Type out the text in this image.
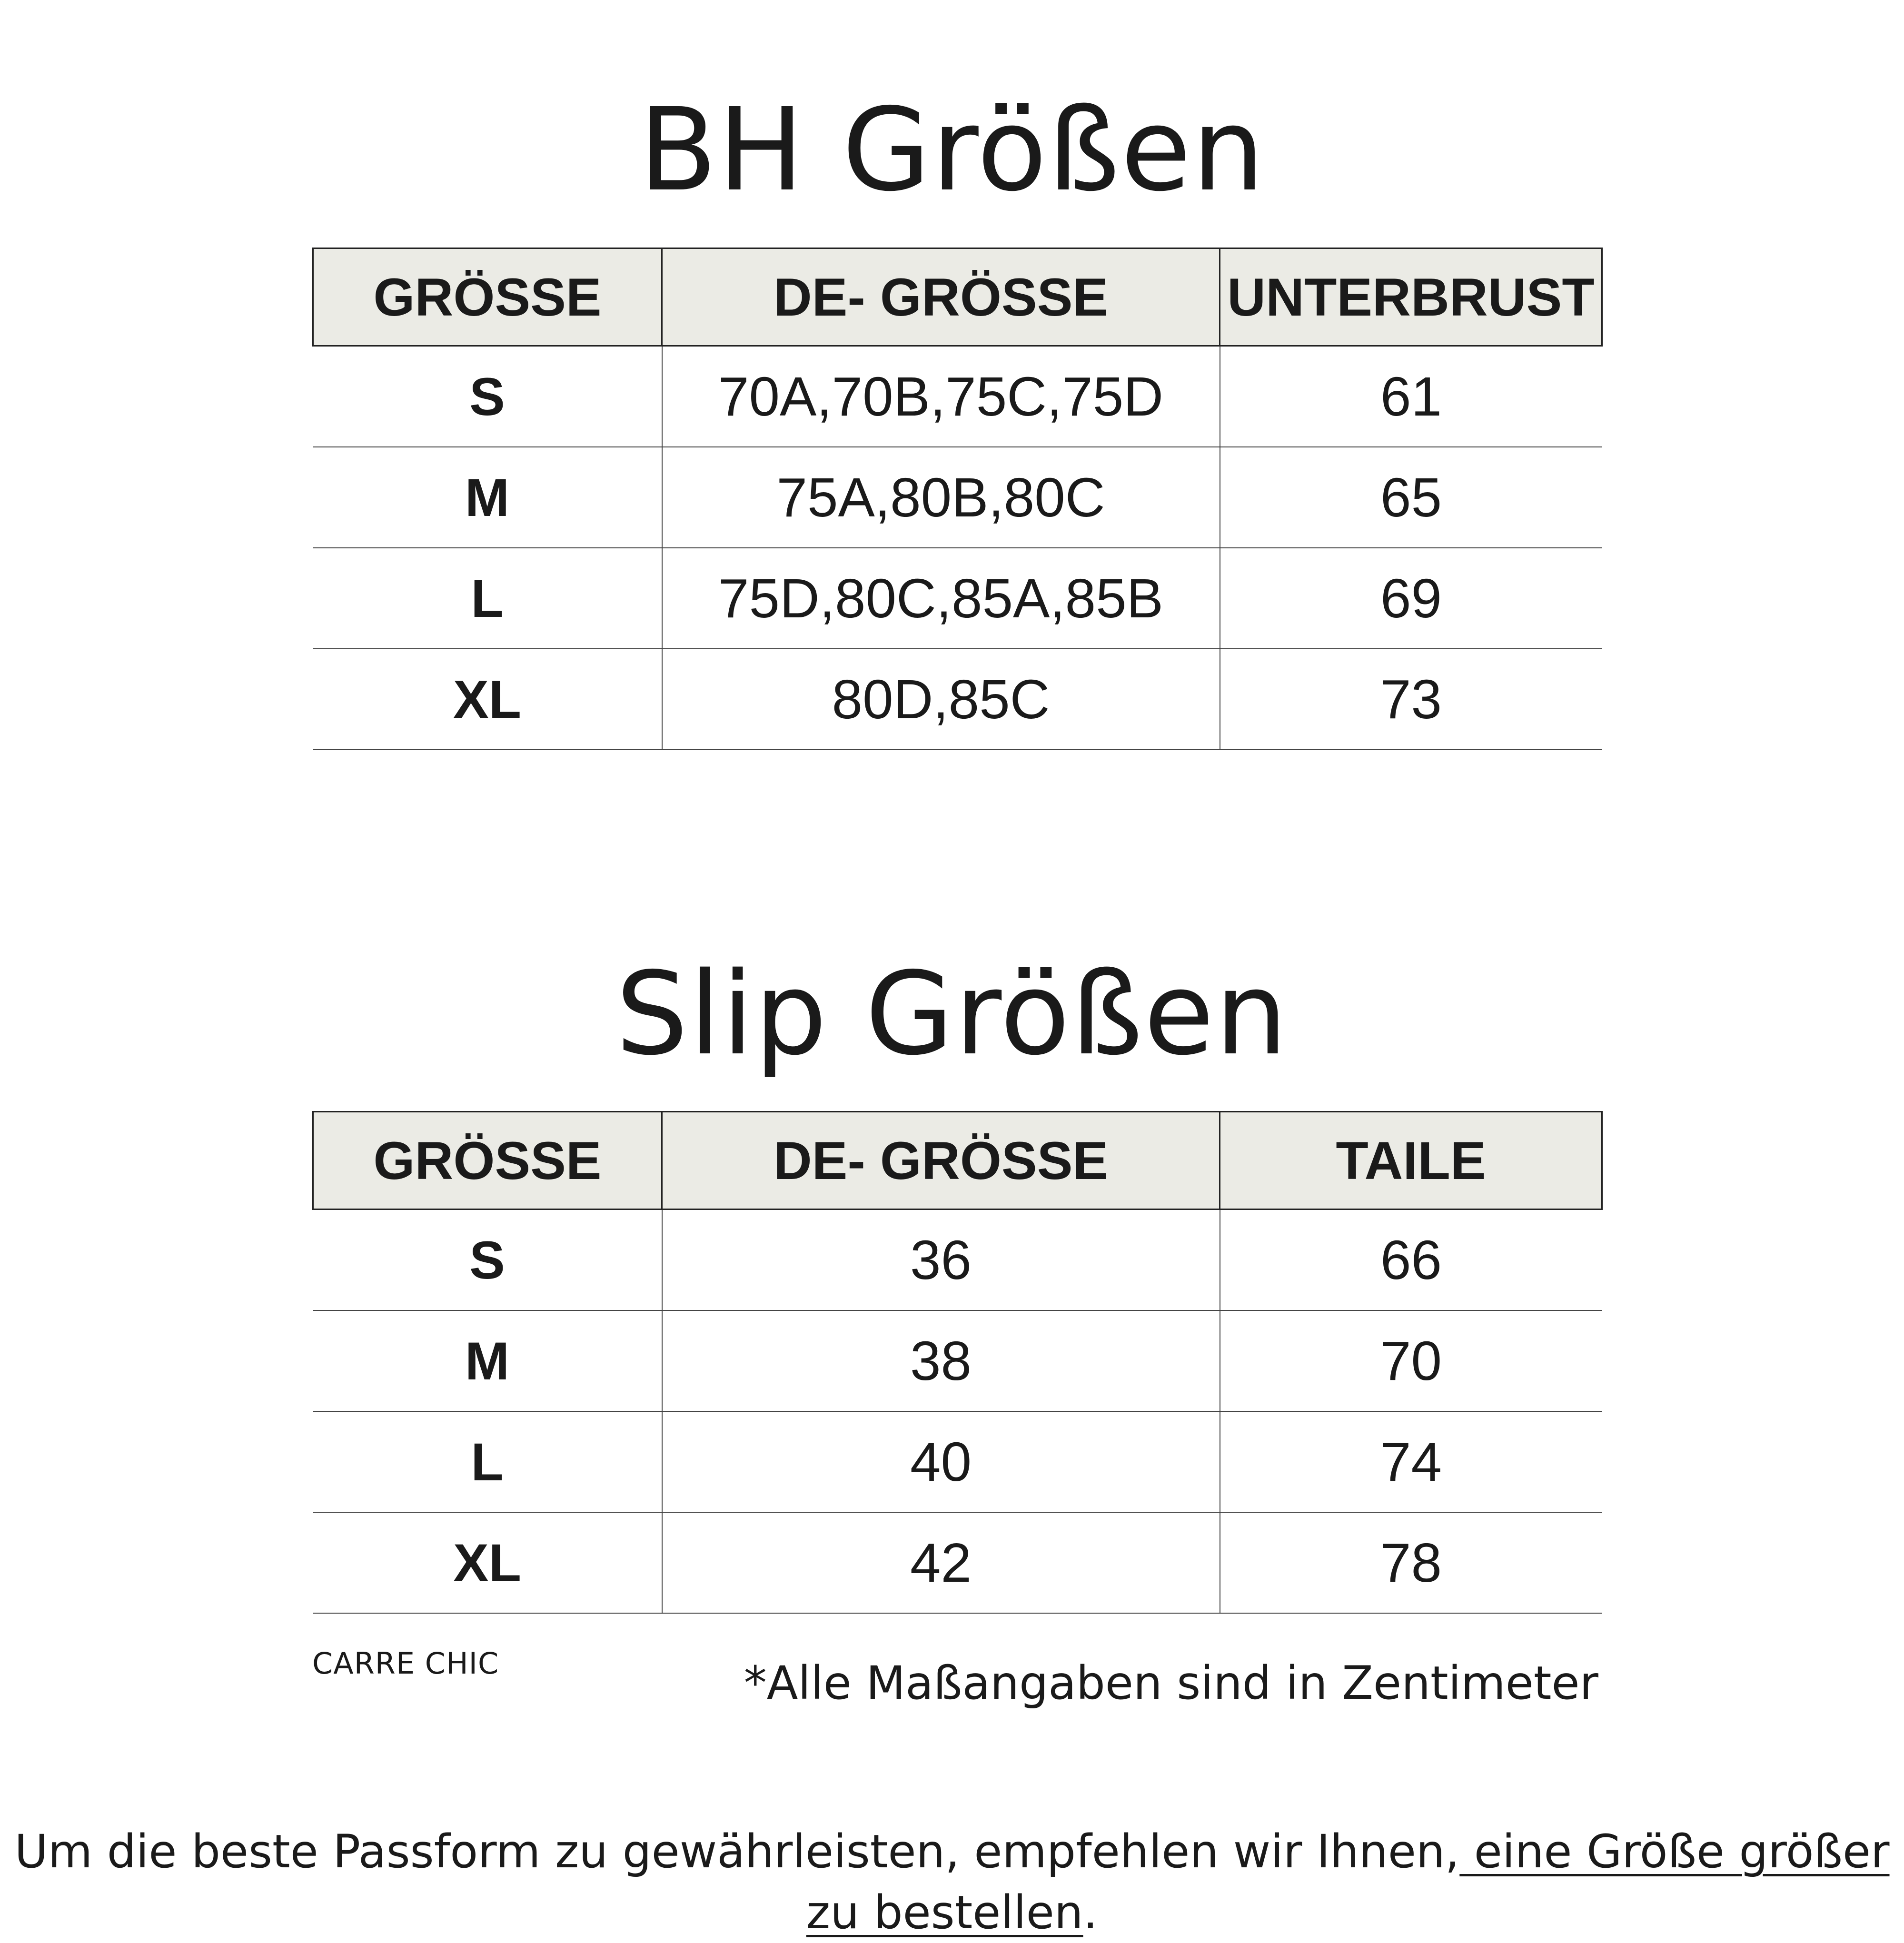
BH Größen
GRÖSSE	DE- GRÖSSE	UNTERBRUST
S	70A,70B,75C,75D	61
M	75A,80B,80C	65
L	75D,80C,85A,85B	69
XL	80D,85C	73
Slip Größen
GRÖSSE	DE- GRÖSSE	TAILE
S	36	66
M	38	70
L	40	74
XL	42	78
CARRE CHIC	*Alle Maßangaben sind in Zentimeter

Um die beste Passform zu gewährleisten, empfehlen wir Ihnen, eine Größe größer zu bestellen.
